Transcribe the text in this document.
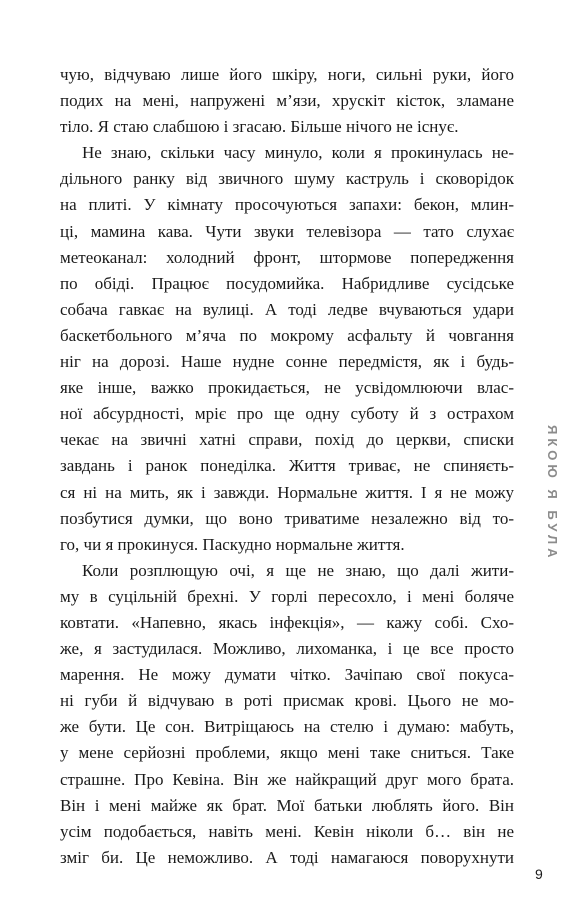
чую, відчуваю лише його шкіру, ноги, сильні руки, його
подих на мені, напружені м’язи, хрускіт кісток, зламане
тіло. Я стаю слабшою і згасаю. Більше нічого не існує.
Не знаю, скільки часу минуло, коли я прокинулась не-
дільного ранку від звичного шуму каструль і сковорідок
на плиті. У кімнату просочуються запахи: бекон, млин-
ці, мамина кава. Чути звуки телевізора — тато слухає
метеоканал: холодний фронт, штормове попередження
по обіді. Працює посудомийка. Набридливе сусідське
собача гавкає на вулиці. А тоді ледве вчуваються удари
баскетбольного м’яча по мокрому асфальту й човгання
ніг на дорозі. Наше нудне сонне передмістя, як і будь-
яке інше, важко прокидається, не усвідомлюючи влас-
ної абсурдності, мріє про ще одну суботу й з острахом
чекає на звичні хатні справи, похід до церкви, списки
завдань і ранок понеділка. Життя триває, не спиняєть-
ся ні на мить, як і завжди. Нормальне життя. І я не можу
позбутися думки, що воно триватиме незалежно від то-
го, чи я прокинуся. Паскудно нормальне життя.
Коли розплющую очі, я ще не знаю, що далі жити-
му в суцільній брехні. У горлі пересохло, і мені боляче
ковтати. «Напевно, якась інфекція», — кажу собі. Схо-
же, я застудилася. Можливо, лихоманка, і це все просто
марення. Не можу думати чітко. Зачіпаю свої покуса-
ні губи й відчуваю в роті присмак крові. Цього не мо-
же бути. Це сон. Витріщаюсь на стелю і думаю: мабуть,
у мене серйозні проблеми, якщо мені таке сниться. Таке
страшне. Про Кевіна. Він же найкращий друг мого брата.
Він і мені майже як брат. Мої батьки люблять його. Він
усім подобається, навіть мені. Кевін ніколи б… він не
зміг би. Це неможливо. А тоді намагаюся поворухнути
ЯКОЮ Я БУЛА
9
